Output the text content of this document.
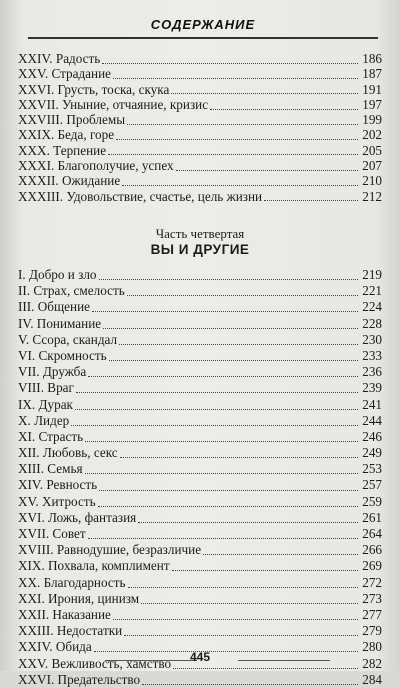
СОДЕРЖАНИЕ
XXIV. Радость	186
XXV. Страдание	187
XXVI. Грусть, тоска, скука	191
XXVII. Уныние, отчаяние, кризис	197
XXVIII. Проблемы	199
XXIX. Беда, горе	202
XXX. Терпение	205
XXXI. Благополучие, успех	207
XXXII. Ожидание	210
XXXIII. Удовольствие, счастье, цель жизни	212
Часть четвертая
ВЫ И ДРУГИЕ
I. Добро и зло	219
II. Страх, смелость	221
III. Общение	224
IV. Понимание	228
V. Ссора, скандал	230
VI. Скромность	233
VII. Дружба	236
VIII. Враг	239
IX. Дурак	241
X. Лидер	244
XI. Страсть	246
XII. Любовь, секс	249
XIII. Семья	253
XIV. Ревность	257
XV. Хитрость	259
XVI. Ложь, фантазия	261
XVII. Совет	264
XVIII. Равнодушие, безразличие	266
XIX. Похвала, комплимент	269
XX. Благодарность	272
XXI. Ирония, цинизм	273
XXII. Наказание	277
XXIII. Недостатки	279
XXIV. Обида	280
XXV. Вежливость, хамство	282
XXVI. Предательство	284
445
